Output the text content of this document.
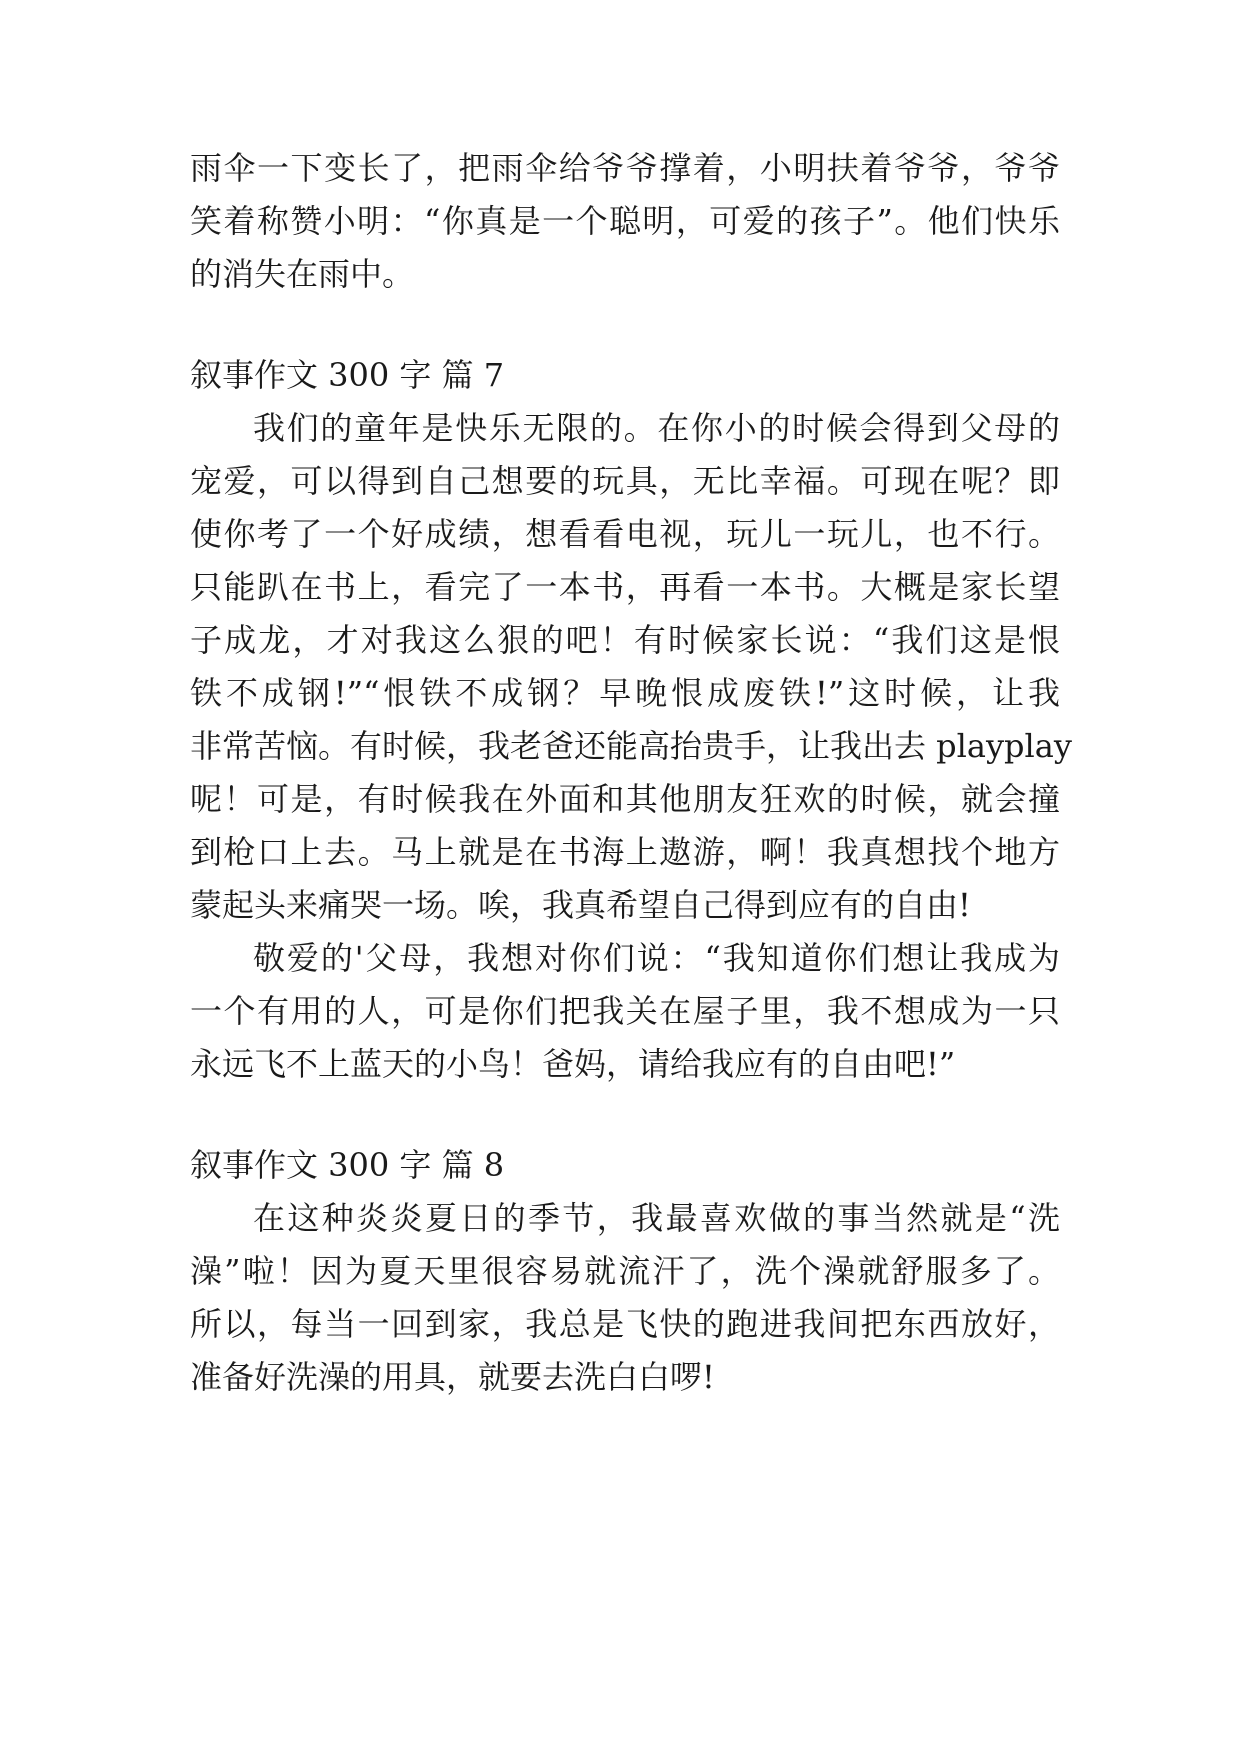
雨伞一下变长了，把雨伞给爷爷撑着，小明扶着爷爷，爷爷
笑着称赞小明：“你真是一个聪明，可爱的孩子”。他们快乐
的消失在雨中。
叙事作文 300 字 篇 7
我们的童年是快乐无限的。在你小的时候会得到父母的
宠爱，可以得到自己想要的玩具，无比幸福。可现在呢？即
使你考了一个好成绩，想看看电视，玩儿一玩儿，也不行。
只能趴在书上，看完了一本书，再看一本书。大概是家长望
子成龙，才对我这么狠的吧！有时候家长说：“我们这是恨
铁不成钢!”“恨铁不成钢？早晚恨成废铁!”这时候，让我
非常苦恼。有时候，我老爸还能高抬贵手，让我出去 playplay
呢！可是，有时候我在外面和其他朋友狂欢的时候，就会撞
到枪口上去。马上就是在书海上遨游，啊！我真想找个地方
蒙起头来痛哭一场。唉，我真希望自己得到应有的自由!
敬爱的'父母，我想对你们说：“我知道你们想让我成为
一个有用的人，可是你们把我关在屋子里，我不想成为一只
永远飞不上蓝天的小鸟！爸妈，请给我应有的自由吧!”
叙事作文 300 字 篇 8
在这种炎炎夏日的季节，我最喜欢做的事当然就是“洗
澡”啦！因为夏天里很容易就流汗了，洗个澡就舒服多了。
所以，每当一回到家，我总是飞快的跑进我间把东西放好，
准备好洗澡的用具，就要去洗白白啰!
